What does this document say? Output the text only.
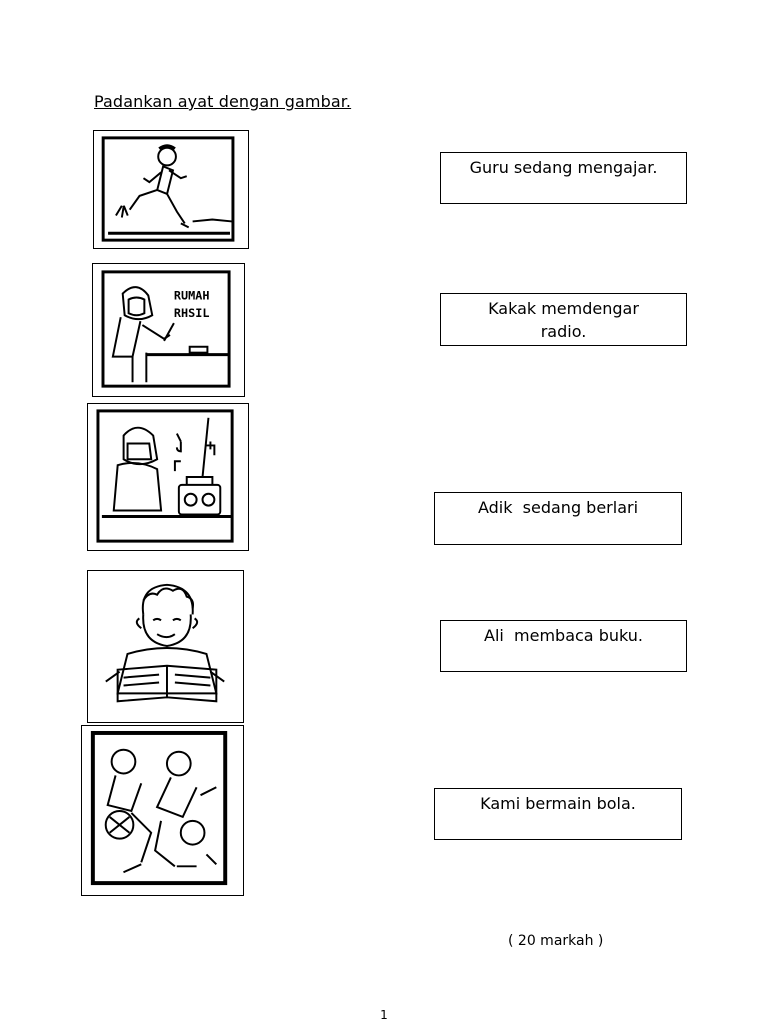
Padankan ayat dengan gambar.
RUMAH
RHSIL
Guru sedang mengajar.
Kakak memdengar radio.
Adik  sedang berlari
Ali  membaca buku.
Kami bermain bola.
( 20 markah )
1
